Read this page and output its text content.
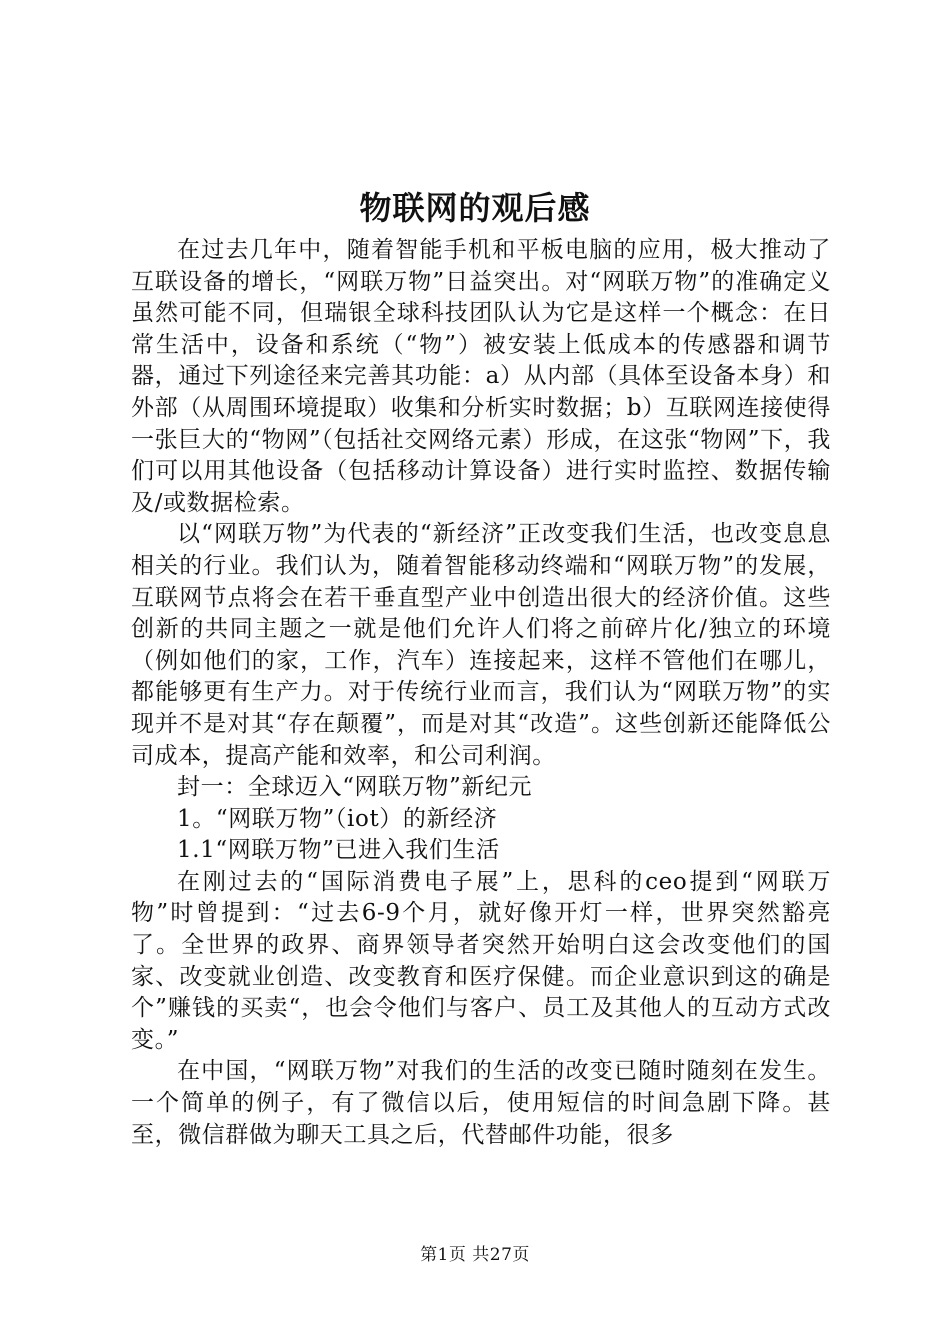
物联网的观后感

在过去几年中，随着智能手机和平板电脑的应用，极大推动了互联设备的增长，“网联万物”日益突出。对“网联万物”的准确定义虽然可能不同，但瑞银全球科技团队认为它是这样一个概念：在日常生活中，设备和系统（“物”）被安装上低成本的传感器和调节器，通过下列途径来完善其功能：a）从内部（具体至设备本身）和外部（从周围环境提取）收集和分析实时数据；b）互联网连接使得一张巨大的“物网”（包括社交网络元素）形成，在这张“物网”下，我们可以用其他设备（包括移动计算设备）进行实时监控、数据传输及/或数据检索。

以“网联万物”为代表的“新经济”正改变我们生活，也改变息息相关的行业。我们认为，随着智能移动终端和“网联万物”的发展，互联网节点将会在若干垂直型产业中创造出很大的经济价值。这些创新的共同主题之一就是他们允许人们将之前碎片化/独立的环境（例如他们的家，工作，汽车）连接起来，这样不管他们在哪儿，都能够更有生产力。对于传统行业而言，我们认为“网联万物”的实现并不是对其“存在颠覆”，而是对其“改造”。这些创新还能降低公司成本，提高产能和效率，和公司利润。

封一：全球迈入“网联万物”新纪元

1。“网联万物”（iot）的新经济

1.1“网联万物”已进入我们生活

在刚过去的“国际消费电子展”上，思科的ceo提到“网联万物”时曾提到：“过去6-9个月，就好像开灯一样，世界突然豁亮了。全世界的政界、商界领导者突然开始明白这会改变他们的国家、改变就业创造、改变教育和医疗保健。而企业意识到这的确是个”赚钱的买卖“，也会令他们与客户、员工及其他人的互动方式改变。”

在中国，“网联万物”对我们的生活的改变已随时随刻在发生。一个简单的例子，有了微信以后，使用短信的时间急剧下降。甚至，微信群做为聊天工具之后，代替邮件功能，很多

第1页 共27页
